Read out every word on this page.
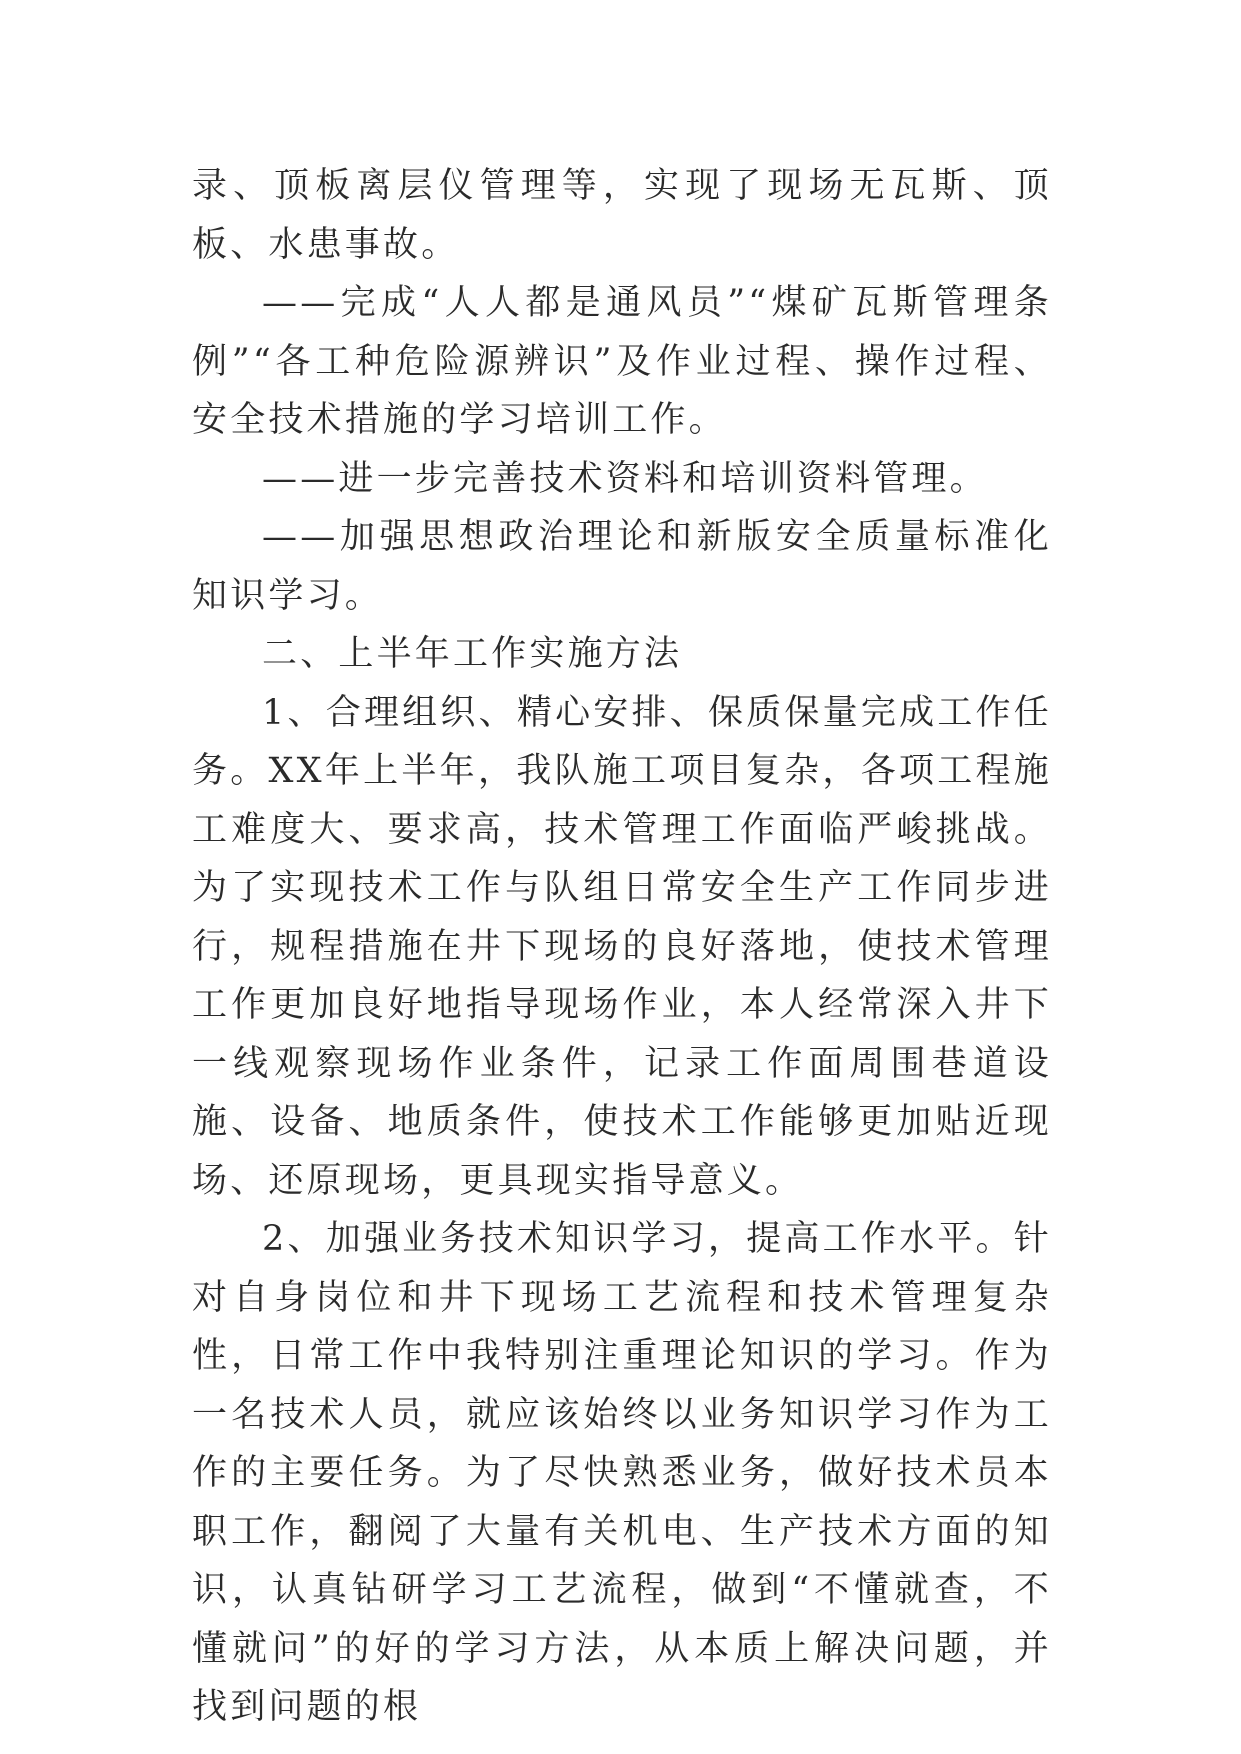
录、顶板离层仪管理等，实现了现场无瓦斯、顶板、水患事故。

——完成“人人都是通风员”“煤矿瓦斯管理条例”“各工种危险源辨识”及作业过程、操作过程、安全技术措施的学习培训工作。

——进一步完善技术资料和培训资料管理。

——加强思想政治理论和新版安全质量标准化知识学习。

二、上半年工作实施方法

1、合理组织、精心安排、保质保量完成工作任务。XX年上半年，我队施工项目复杂，各项工程施工难度大、要求高，技术管理工作面临严峻挑战。为了实现技术工作与队组日常安全生产工作同步进行，规程措施在井下现场的良好落地，使技术管理工作更加良好地指导现场作业，本人经常深入井下一线观察现场作业条件，记录工作面周围巷道设施、设备、地质条件，使技术工作能够更加贴近现场、还原现场，更具现实指导意义。

2、加强业务技术知识学习，提高工作水平。针对自身岗位和井下现场工艺流程和技术管理复杂性，日常工作中我特别注重理论知识的学习。作为一名技术人员，就应该始终以业务知识学习作为工作的主要任务。为了尽快熟悉业务，做好技术员本职工作，翻阅了大量有关机电、生产技术方面的知识，认真钻研学习工艺流程，做到“不懂就查，不懂就问”的好的学习方法，从本质上解决问题，并找到问题的根
